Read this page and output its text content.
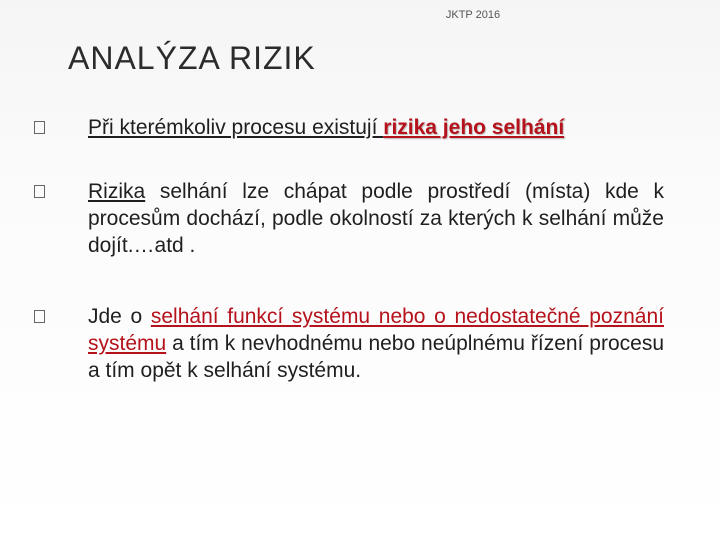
JKTP 2016
ANALÝZA RIZIK
Při kterémkoliv procesu existují rizika jeho selhání
Rizika selhání lze chápat podle prostředí (místa) kde k procesům dochází, podle okolností za kterých k selhání může dojít.…atd .
Jde o selhání funkcí systému nebo o nedostatečné poznání systému a tím k nevhodnému nebo neúplnému řízení procesu a tím opět k selhání systému.
